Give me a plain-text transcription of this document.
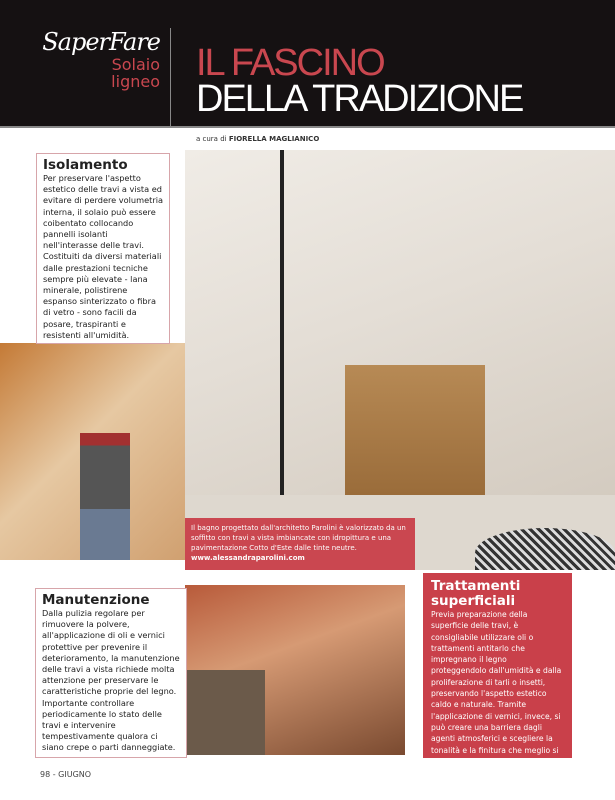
SaperFare
Solaio
ligneo IL FASCINO
DELLA TRADIZIONE
a cura di FIORELLA MAGLIANICO
Isolamento

Per preservare l'aspetto estetico delle travi a vista ed evitare di perdere volumetria interna, il solaio può essere coibentato collocando pannelli isolanti nell'interasse delle travi. Costituiti da diversi materiali dalle prestazioni tecniche sempre più elevate - lana minerale, polistirene espanso sinterizzato o fibra di vetro - sono facili da posare, traspiranti e resistenti all'umidità.

Il bagno progettato dall'architetto Parolini è valorizzato da un soffitto con travi a vista imbiancate con idropittura e una pavimentazione Cotto d'Este dalle tinte neutre.
www.alessandraparolini.com
Manutenzione

Dalla pulizia regolare per rimuovere la polvere, all'applicazione di oli e vernici protettive per prevenire il deterioramento, la manutenzione delle travi a vista richiede molta attenzione per preservare le caratteristiche proprie del legno. Importante controllare periodicamente lo stato delle travi e intervenire tempestivamente qualora ci siano crepe o parti danneggiate.

Trattamenti superficiali

Previa preparazione della superficie delle travi, è consigliabile utilizzare oli o trattamenti antitarlo che impregnano il legno proteggendolo dall'umidità e dalla proliferazione di tarli o insetti, preservando l'aspetto estetico caldo e naturale. Tramite l'applicazione di vernici, invece, si può creare una barriera dagli agenti atmosferici e scegliere la tonalità e la finitura che meglio si abbinano allo stile della casa.

98 - GIUGNO
